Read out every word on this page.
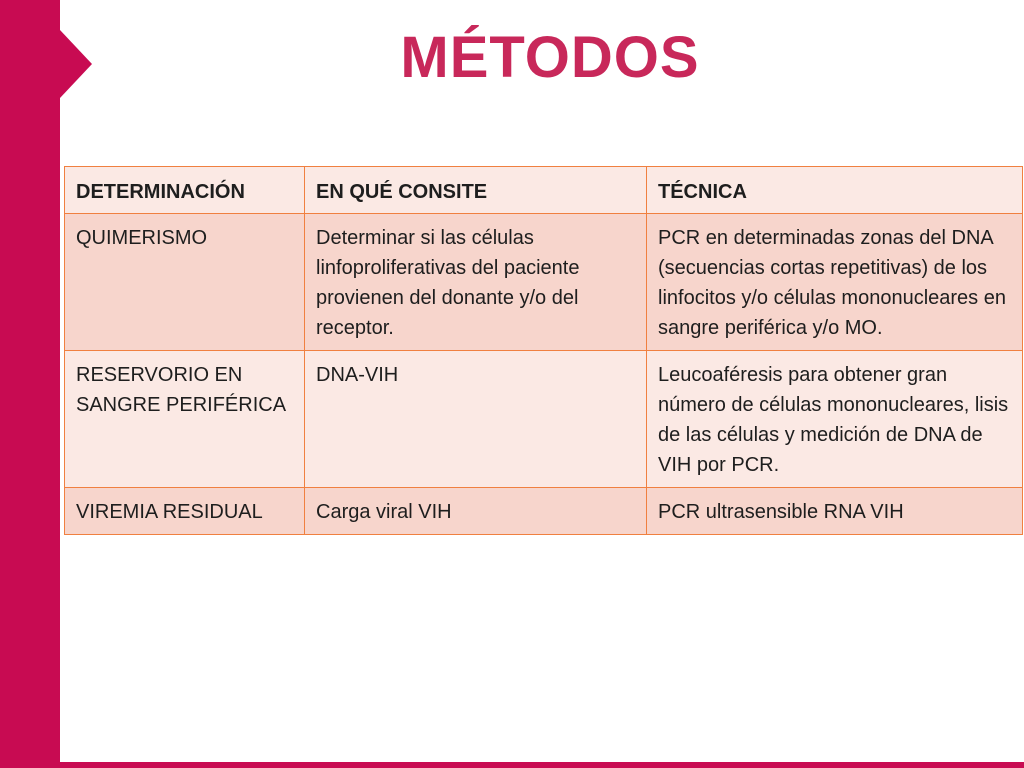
MÉTODOS
DETERMINACIÓN	EN QUÉ CONSITE	TÉCNICA
QUIMERISMO	Determinar si las células linfoproliferativas del paciente provienen del donante y/o del receptor.	PCR en determinadas zonas del DNA (secuencias cortas repetitivas) de los linfocitos y/o células mononucleares en sangre periférica y/o MO.
RESERVORIO EN SANGRE PERIFÉRICA	DNA-VIH	Leucoaféresis para obtener gran número de células mononucleares, lisis de las células y medición de DNA de VIH por PCR.
VIREMIA RESIDUAL	Carga viral VIH	PCR ultrasensible RNA VIH
